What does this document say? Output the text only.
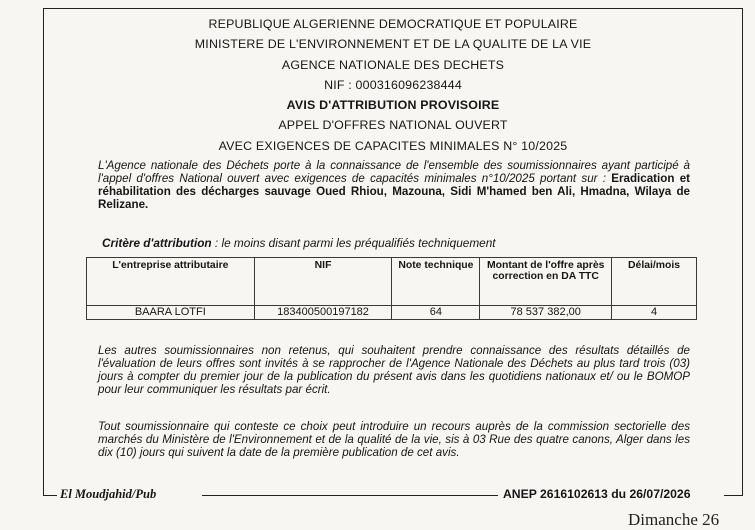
REPUBLIQUE ALGERIENNE DEMOCRATIQUE ET POPULAIRE
MINISTERE DE L'ENVIRONNEMENT ET DE LA QUALITE DE LA VIE
AGENCE NATIONALE DES DECHETS
NIF : 000316096238444
AVIS D'ATTRIBUTION PROVISOIRE
APPEL D'OFFRES NATIONAL OUVERT
AVEC EXIGENCES DE CAPACITES MINIMALES N° 10/2025
L'Agence nationale des Déchets porte à la connaissance de l'ensemble des soumissionnaires ayant participé à l'appel d'offres National ouvert avec exigences de capacités minimales n°10/2025 portant sur : Eradication et réhabilitation des décharges sauvage Oued Rhiou, Mazouna, Sidi M'hamed ben Ali, Hmadna, Wilaya de Relizane.
Critère d'attribution : le moins disant parmi les préqualifiés techniquement
L'entreprise attributaire	NIF	Note technique	Montant de l'offre après correction en DA TTC	Délai/mois
BAARA LOTFI	183400500197182	64	78 537 382,00	4
Les autres soumissionnaires non retenus, qui souhaitent prendre connaissance des résultats détaillés de l'évaluation de leurs offres sont invités à se rapprocher de l'Agence Nationale des Déchets au plus tard trois (03) jours à compter du premier jour de la publication du présent avis dans les quotidiens nationaux et/ ou le BOMOP pour leur communiquer les résultats par écrit.
Tout soumissionnaire qui conteste ce choix peut introduire un recours auprès de la commission sectorielle des marchés du Ministère de l'Environnement et de la qualité de la vie, sis à 03 Rue des quatre canons, Alger dans les dix (10) jours qui suivent la date de la première publication de cet avis.
El Moudjahid/Pub	ANEP 2616102613 du 26/07/2026
Dimanche 26
